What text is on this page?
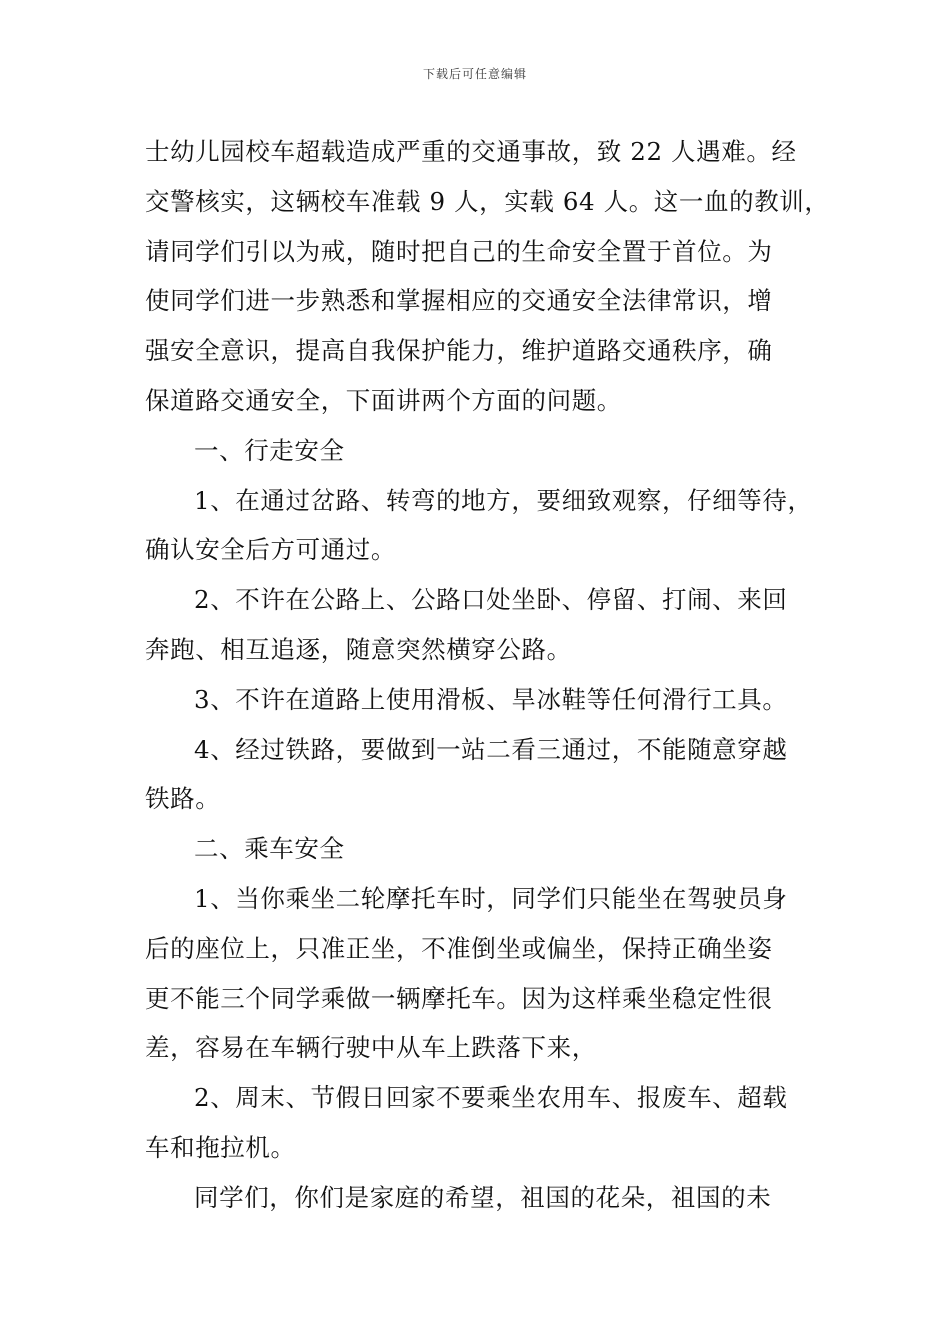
下载后可任意编辑
士幼儿园校车超载造成严重的交通事故，致 22 人遇难。经
交警核实，这辆校车准载 9 人，实载 64 人。这一血的教训，
请同学们引以为戒，随时把自己的生命安全置于首位。为
使同学们进一步熟悉和掌握相应的交通安全法律常识，增
强安全意识，提高自我保护能力，维护道路交通秩序，确
保道路交通安全，下面讲两个方面的问题。
一、行走安全
1、在通过岔路、转弯的地方，要细致观察，仔细等待，
确认安全后方可通过。
2、不许在公路上、公路口处坐卧、停留、打闹、来回
奔跑、相互追逐，随意突然横穿公路。
3、不许在道路上使用滑板、旱冰鞋等任何滑行工具。
4、经过铁路，要做到一站二看三通过，不能随意穿越
铁路。
二、乘车安全
1、当你乘坐二轮摩托车时，同学们只能坐在驾驶员身
后的座位上，只准正坐，不准倒坐或偏坐，保持正确坐姿
更不能三个同学乘做一辆摩托车。因为这样乘坐稳定性很
差，容易在车辆行驶中从车上跌落下来，
2、周末、节假日回家不要乘坐农用车、报废车、超载
车和拖拉机。
同学们，你们是家庭的希望，祖国的花朵，祖国的未
